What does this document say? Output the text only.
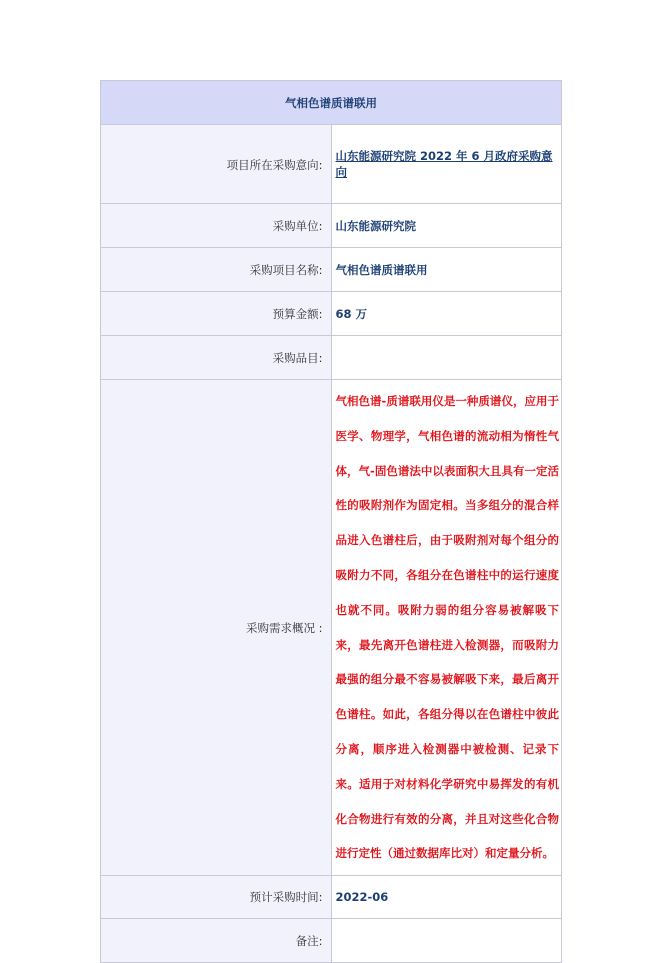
气相色谱质谱联用	
项目所在采购意向:	山东能源研究院 2022 年 6 月政府采购意向
采购单位:	山东能源研究院
采购项目名称:	气相色谱质谱联用
预算金额:	68 万
采购品目:	
采购需求概况 :	气相色谱-质谱联用仪是一种质谱仪，应用于医学、物理学，气相色谱的流动相为惰性气体，气-固色谱法中以表面积大且具有一定活性的吸附剂作为固定相。当多组分的混合样品进入色谱柱后，由于吸附剂对每个组分的吸附力不同，各组分在色谱柱中的运行速度也就不同。吸附力弱的组分容易被解吸下来，最先离开色谱柱进入检测器，而吸附力最强的组分最不容易被解吸下来，最后离开色谱柱。如此，各组分得以在色谱柱中彼此分离，顺序进入检测器中被检测、记录下来。适用于对材料化学研究中易挥发的有机化合物进行有效的分离，并且对这些化合物进行定性（通过数据库比对）和定量分析。
预计采购时间:	2022-06
备注:	
